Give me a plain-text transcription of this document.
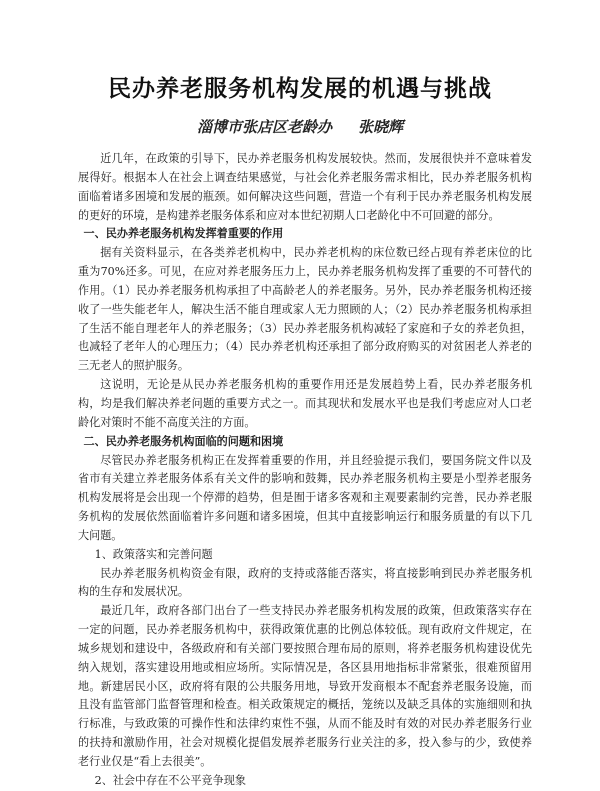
民办养老服务机构发展的机遇与挑战
淄博市张店区老龄办 张晓辉

近几年，在政策的引导下，民办养老服务机构发展较快。然而，发展很快并不意味着发展得好。根据本人在社会上调查结果感觉，与社会化养老服务需求相比，民办养老服务机构面临着诸多困境和发展的瓶颈。如何解决这些问题，营造一个有利于民办养老服务机构发展的更好的环境，是构建养老服务体系和应对本世纪初期人口老龄化中不可回避的部分。

一、民办养老服务机构发挥着重要的作用

据有关资料显示，在各类养老机构中，民办养老机构的床位数已经占现有养老床位的比重为70%还多。可见，在应对养老服务压力上，民办养老服务机构发挥了重要的不可替代的作用。（1）民办养老服务机构承担了中高龄老人的养老服务。另外，民办养老服务机构还接收了一些失能老年人，解决生活不能自理或家人无力照顾的人；（2）民办养老服务机构承担了生活不能自理老年人的养老服务；（3）民办养老服务机构减轻了家庭和子女的养老负担，也减轻了老年人的心理压力；（4）民办养老机构还承担了部分政府购买的对贫困老人养老的三无老人的照护服务。

这说明，无论是从民办养老服务机构的重要作用还是发展趋势上看，民办养老服务机构，均是我们解决养老问题的重要方式之一。而其现状和发展水平也是我们考虑应对人口老龄化对策时不能不高度关注的方面。

二、民办养老服务机构面临的问题和困境

尽管民办养老服务机构正在发挥着重要的作用，并且经验提示我们，要国务院文件以及省市有关建立养老服务体系有关文件的影响和鼓舞，民办养老服务机构主要是小型养老服务机构发展将是会出现一个停滞的趋势，但是囿于诸多客观和主观要素制约完善，民办养老服务机构的发展依然面临着许多问题和诸多困境，但其中直接影响运行和服务质量的有以下几大问题。

1、政策落实和完善问题

民办养老服务机构资金有限，政府的支持或落能否落实，将直接影响到民办养老服务机构的生存和发展状况。

最近几年，政府各部门出台了一些支持民办养老服务机构发展的政策，但政策落实存在一定的问题，民办养老服务机构中，获得政策优惠的比例总体较低。现有政府文件规定，在城乡规划和建设中，各级政府和有关部门要按照合理布局的原则，将养老服务机构建设优先纳入规划，落实建设用地或相应场所。实际情况是，各区县用地指标非常紧张，很难预留用地。新建居民小区，政府将有限的公共服务用地，导致开发商根本不配套养老服务设施，而且没有监管部门监督管理和检查。相关政策规定的概括，笼统以及缺乏具体的实施细则和执行标准，与致政策的可操作性和法律约束性不强，从而不能及时有效的对民办养老服务行业的扶持和激励作用，社会对规模化提倡发展养老服务行业关注的多，投入参与的少，致使养老行业仅是“看上去很美”。

2、社会中存在不公平竞争现象
